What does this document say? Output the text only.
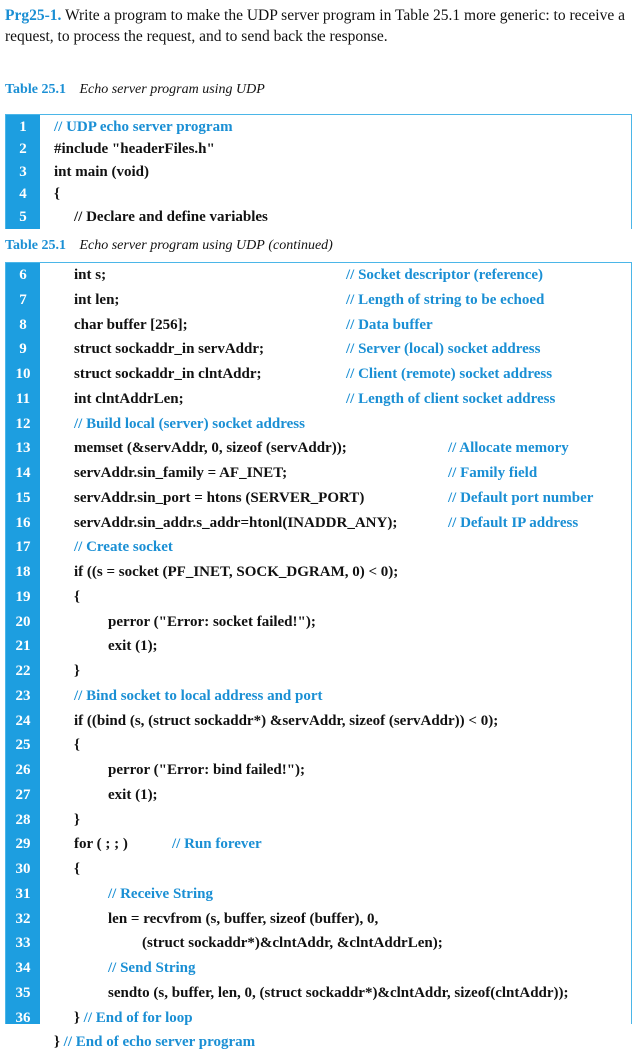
Prg25-1. Write a program to make the UDP server program in Table 25.1 more generic: to receive a request, to process the request, and to send back the response.
Table 25.1 Echo server program using UDP
1	// UDP echo server program
2	#include "headerFiles.h"
3	int main (void)
4	{
5	// Declare and define variables
Table 25.1 Echo server program using UDP (continued)
6	int s;	// Socket descriptor (reference)
7	int len;	// Length of string to be echoed
8	char buffer [256];	// Data buffer
9	struct sockaddr_in servAddr;	// Server (local) socket address
10	struct sockaddr_in clntAddr;	// Client (remote) socket address
11	int clntAddrLen;	// Length of client socket address
12	// Build local (server) socket address
13	memset (&servAddr, 0, sizeof (servAddr));	// Allocate memory
14	servAddr.sin_family = AF_INET;	// Family field
15	servAddr.sin_port = htons (SERVER_PORT)	// Default port number
16	servAddr.sin_addr.s_addr=htonl(INADDR_ANY);	// Default IP address
17	// Create socket
18	if ((s = socket (PF_INET, SOCK_DGRAM, 0) < 0);
19	{
20	perror ("Error: socket failed!");
21	exit (1);
22	}
23	// Bind socket to local address and port
24	if ((bind (s, (struct sockaddr*) &servAddr, sizeof (servAddr)) < 0);
25	{
26	perror ("Error: bind failed!");
27	exit (1);
28	}
29	for ( ; ; )	// Run forever
30	{
31	// Receive String
32	len = recvfrom (s, buffer, sizeof (buffer), 0,
33	(struct sockaddr*)&clntAddr, &clntAddrLen);
34	// Send String
35	sendto (s, buffer, len, 0, (struct sockaddr*)&clntAddr, sizeof(clntAddr));
36	} // End of for loop
37	} // End of echo server program
